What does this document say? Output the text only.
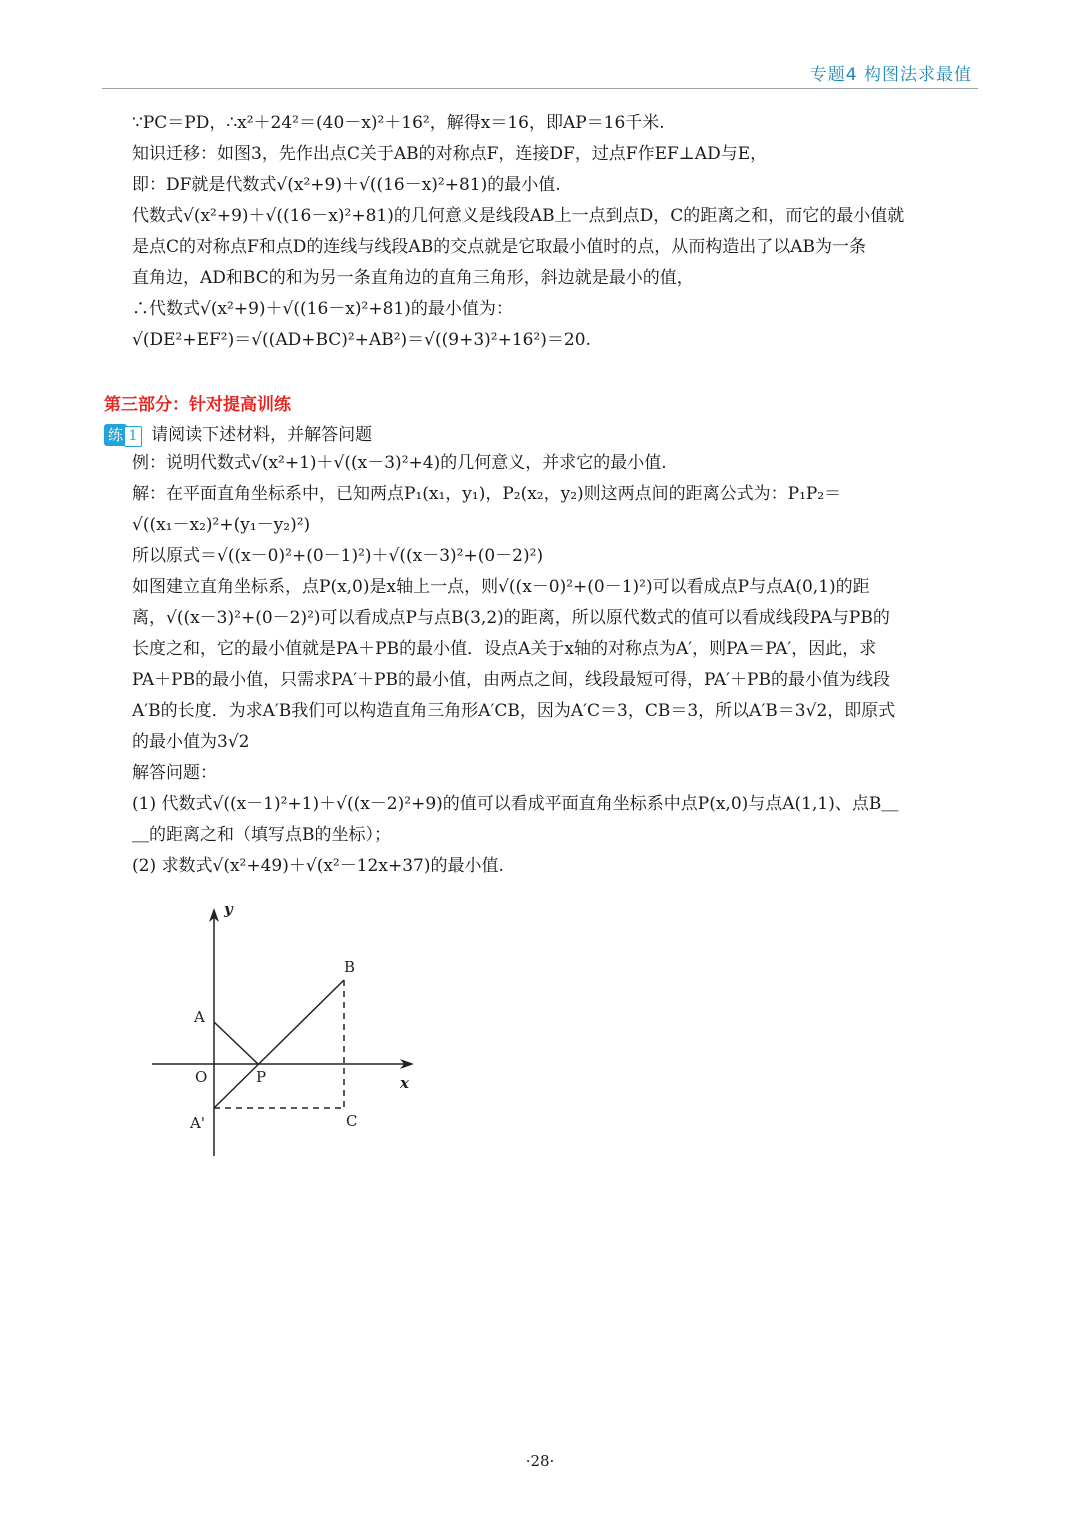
专题4 构图法求最值
∵PC＝PD，∴x²＋24²＝(40－x)²＋16²，解得x＝16，即AP＝16千米.
知识迁移：如图3，先作出点C关于AB的对称点F，连接DF，过点F作EF⊥AD与E，
即：DF就是代数式√(x²+9)＋√((16－x)²+81)的最小值.
代数式√(x²+9)＋√((16－x)²+81)的几何意义是线段AB上一点到点D，C的距离之和，而它的最小值就
是点C的对称点F和点D的连线与线段AB的交点就是它取最小值时的点，从而构造出了以AB为一条
直角边，AD和BC的和为另一条直角边的直角三角形，斜边就是最小的值，
∴代数式√(x²+9)＋√((16－x)²+81)的最小值为：
√(DE²+EF²)＝√((AD+BC)²+AB²)＝√((9+3)²+16²)＝20.
第三部分：针对提高训练
练 1 请阅读下述材料，并解答问题
例：说明代数式√(x²+1)＋√((x－3)²+4)的几何意义，并求它的最小值.
解：在平面直角坐标系中，已知两点P₁(x₁，y₁)，P₂(x₂，y₂)则这两点间的距离公式为：P₁P₂＝
√((x₁－x₂)²+(y₁－y₂)²)
所以原式＝√((x－0)²+(0－1)²)＋√((x－3)²+(0－2)²)
如图建立直角坐标系，点P(x,0)是x轴上一点，则√((x－0)²+(0－1)²)可以看成点P与点A(0,1)的距
离，√((x－3)²+(0－2)²)可以看成点P与点B(3,2)的距离，所以原代数式的值可以看成线段PA与PB的
长度之和，它的最小值就是PA＋PB的最小值．设点A关于x轴的对称点为A′，则PA＝PA′，因此，求
PA＋PB的最小值，只需求PA′＋PB的最小值，由两点之间，线段最短可得，PA′＋PB的最小值为线段
A′B的长度．为求A′B我们可以构造直角三角形A′CB，因为A′C＝3，CB＝3，所以A′B＝3√2，即原式
的最小值为3√2
解答问题：
(1) 代数式√((x－1)²+1)＋√((x－2)²+9)的值可以看成平面直角坐标系中点P(x,0)与点A(1,1)、点B＿
＿的距离之和（填写点B的坐标）；
(2) 求数式√(x²+49)＋√(x²－12x+37)的最小值.
y
x
O
A
B
P
A'	C
·28·
